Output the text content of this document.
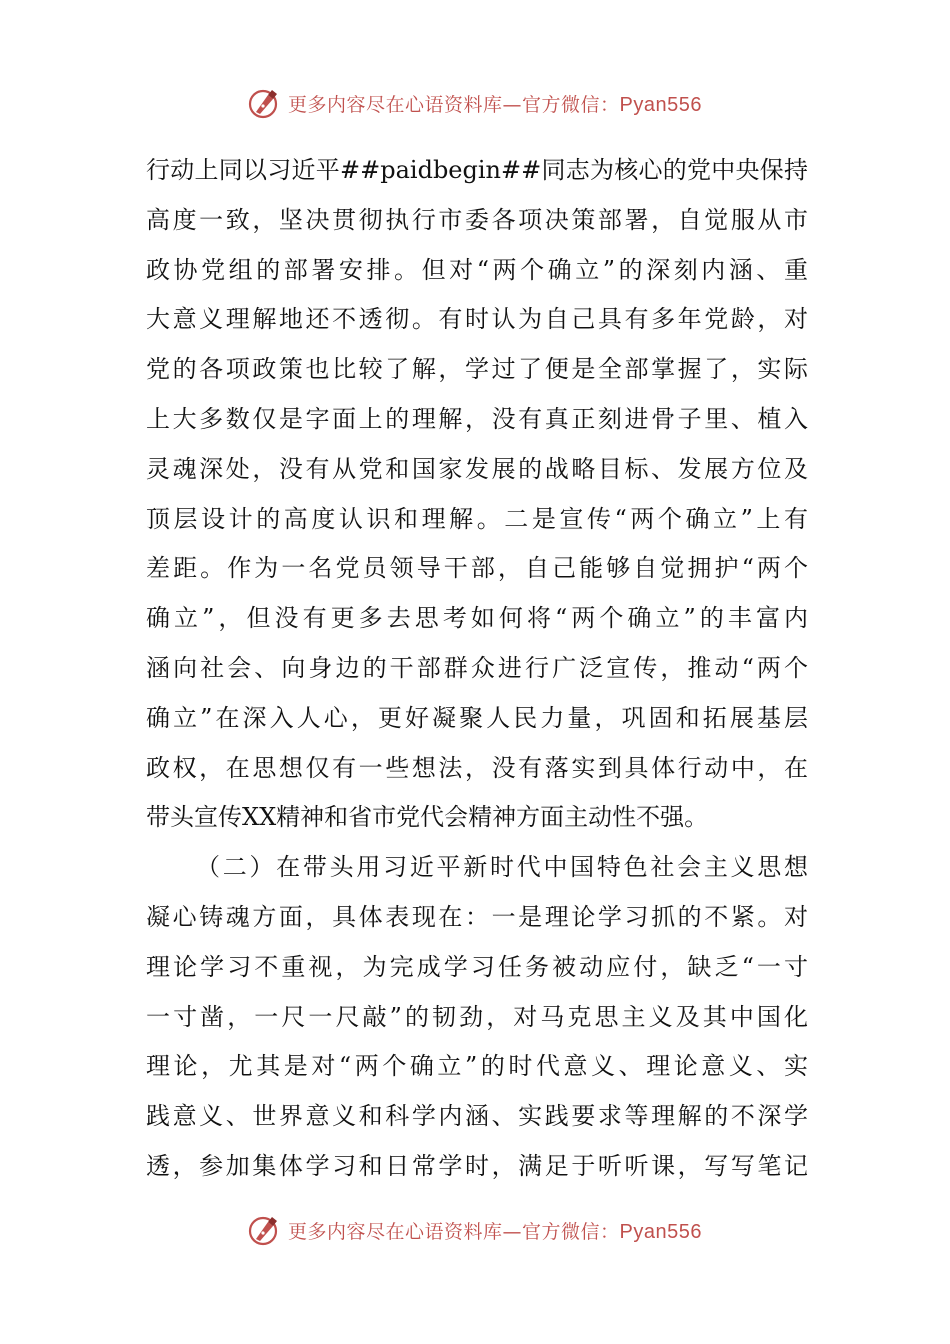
更多内容尽在心语资料库—官方微信：Pyan556
行动上同以习近平##paidbegin##同志为核心的党中央保持
高度一致，坚决贯彻执行市委各项决策部署，自觉服从市
政协党组的部署安排。但对“两个确立”的深刻内涵、重
大意义理解地还不透彻。有时认为自己具有多年党龄，对
党的各项政策也比较了解，学过了便是全部掌握了，实际
上大多数仅是字面上的理解，没有真正刻进骨子里、植入
灵魂深处，没有从党和国家发展的战略目标、发展方位及
顶层设计的高度认识和理解。二是宣传“两个确立”上有
差距。作为一名党员领导干部，自己能够自觉拥护“两个
确立”，但没有更多去思考如何将“两个确立”的丰富内
涵向社会、向身边的干部群众进行广泛宣传，推动“两个
确立”在深入人心，更好凝聚人民力量，巩固和拓展基层
政权，在思想仅有一些想法，没有落实到具体行动中，在
带头宣传XX精神和省市党代会精神方面主动性不强。
（二）在带头用习近平新时代中国特色社会主义思想
凝心铸魂方面，具体表现在：一是理论学习抓的不紧。对
理论学习不重视，为完成学习任务被动应付，缺乏“一寸
一寸凿，一尺一尺敲”的韧劲，对马克思主义及其中国化
理论，尤其是对“两个确立”的时代意义、理论意义、实
践意义、世界意义和科学内涵、实践要求等理解的不深学
透，参加集体学习和日常学时，满足于听听课，写写笔记
更多内容尽在心语资料库—官方微信：Pyan556
